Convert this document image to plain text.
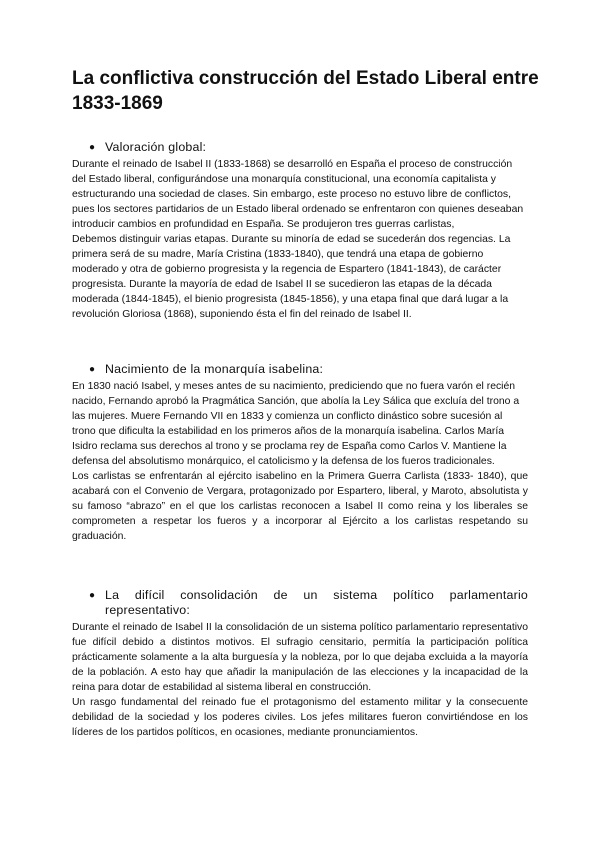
La conflictiva construcción del Estado Liberal entre 1833-1869
● Valoración global:

Durante el reinado de Isabel II (1833-1868) se desarrolló en España el proceso de construcción del Estado liberal, configurándose una monarquía constitucional, una economía capitalista y estructurando una sociedad de clases. Sin embargo, este proceso no estuvo libre de conflictos, pues los sectores partidarios de un Estado liberal ordenado se enfrentaron con quienes deseaban introducir cambios en profundidad en España. Se produjeron tres guerras carlistas,

Debemos distinguir varias etapas. Durante su minoría de edad se sucederán dos regencias. La primera será de su madre, María Cristina (1833-1840), que tendrá una etapa de gobierno moderado y otra de gobierno progresista y la regencia de Espartero (1841-1843), de carácter progresista. Durante la mayoría de edad de Isabel II se sucedieron las etapas de la década moderada (1844-1845), el bienio progresista (1845-1856), y una etapa final que dará lugar a la revolución Gloriosa (1868), suponiendo ésta el fin del reinado de Isabel II.

● Nacimiento de la monarquía isabelina:

En 1830 nació Isabel, y meses antes de su nacimiento, prediciendo que no fuera varón el recién nacido, Fernando aprobó la Pragmática Sanción, que abolía la Ley Sálica que excluía del trono a las mujeres. Muere Fernando VII en 1833 y comienza un conflicto dinástico sobre sucesión al trono que dificulta la estabilidad en los primeros años de la monarquía isabelina. Carlos María Isidro reclama sus derechos al trono y se proclama rey de España como Carlos V. Mantiene la defensa del absolutismo monárquico, el catolicismo y la defensa de los fueros tradicionales.

Los carlistas se enfrentarán al ejército isabelino en la Primera Guerra Carlista (1833- 1840), que acabará con el Convenio de Vergara, protagonizado por Espartero, liberal, y Maroto, absolutista y su famoso “abrazo” en el que los carlistas reconocen a Isabel II como reina y los liberales se comprometen a respetar los fueros y a incorporar al Ejército a los carlistas respetando su graduación.

● La difícil consolidación de un sistema político parlamentario representativo:

Durante el reinado de Isabel II la consolidación de un sistema político parlamentario representativo fue difícil debido a distintos motivos. El sufragio censitario, permitía la participación política prácticamente solamente a la alta burguesía y la nobleza, por lo que dejaba excluida a la mayoría de la población. A esto hay que añadir la manipulación de las elecciones y la incapacidad de la reina para dotar de estabilidad al sistema liberal en construcción.

Un rasgo fundamental del reinado fue el protagonismo del estamento militar y la consecuente debilidad de la sociedad y los poderes civiles. Los jefes militares fueron convirtiéndose en los líderes de los partidos políticos, en ocasiones, mediante pronunciamientos.
